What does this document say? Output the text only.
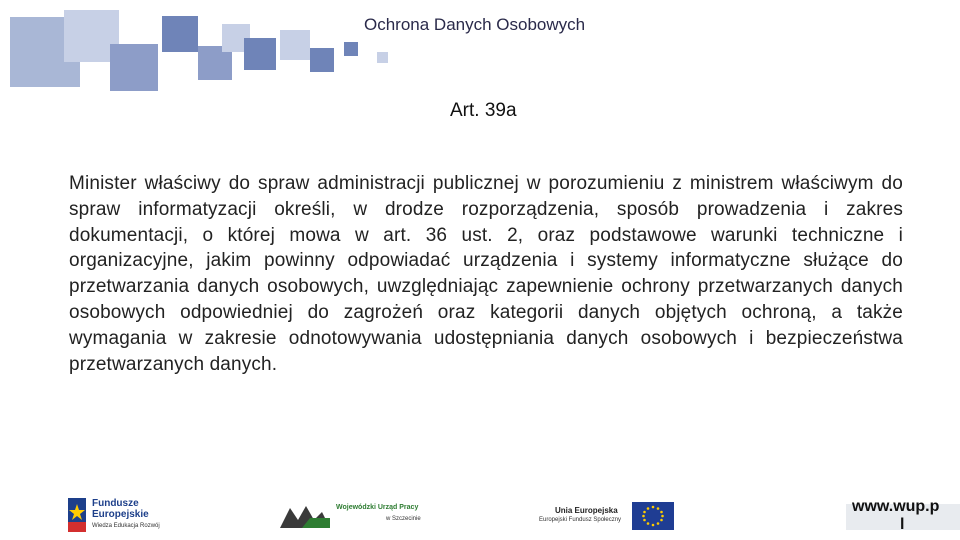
Ochrona Danych Osobowych
Art. 39a
Minister właściwy do spraw administracji publicznej w porozumieniu z ministrem właściwym do spraw informatyzacji określi, w drodze rozporządzenia, sposób prowadzenia i zakres dokumentacji, o której mowa w art. 36 ust. 2, oraz podstawowe warunki techniczne i organizacyjne, jakim powinny odpowiadać urządzenia i systemy informatyczne służące do przetwarzania danych osobowych, uwzględniając zapewnienie ochrony przetwarzanych danych osobowych odpowiedniej do zagrożeń oraz kategorii danych objętych ochroną, a także wymagania w zakresie odnotowywania udostępniania danych osobowych i bezpieczeństwa przetwarzanych danych.
Fundusze
Europejskie
Wiedza Edukacja Rozwój
Wojewódzki Urząd Pracy
w Szczecinie
Unia Europejska
Europejski Fundusz Społeczny
www.wup.p
l
